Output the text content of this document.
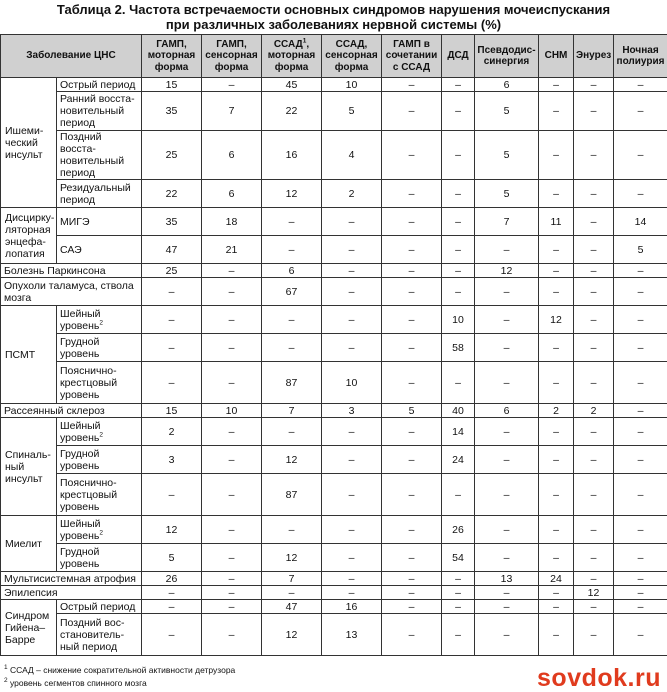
Таблица 2. Частота встречаемости основных синдромов нарушения мочеиспускания
при различных заболеваниях нервной системы (%)
Заболевание ЦНС		ГАМП, моторная форма	ГАМП, сенсорная форма	ССАД$^1$, моторная форма	ССАД, сенсорная форма	ГАМП в сочетании с ССАД	ДСД	Псевдодис-синергия	СНМ	Энурез	Ночная полиурия
Ишеми-ческий инсульт	Острый период	15	–	45	10	–	–	6	–	–	–
	Ранний восста-новительный период	35	7	22	5	–	–	5	–	–	–
	Поздний восста-новительный период	25	6	16	4	–	–	5	–	–	–
	Резидуальный период	22	6	12	2	–	–	5	–	–	–
Дисцирку-ляторная энцефа-лопатия	МИГЭ	35	18	–	–	–	–	7	11	–	14
	САЭ	47	21	–	–	–	–	–	–	–	5
Болезнь Паркинсона		25	–	6	–	–	–	12	–	–	–
Опухоли таламуса, ствола мозга		–	–	67	–	–	–	–	–	–	–
ПСМТ	Шейный уровень$^2$	–	–	–	–	–	10	–	12	–	–
	Грудной уровень	–	–	–	–	–	58	–	–	–	–
	Пояснично-крестцовый уровень	–	–	87	10	–	–	–	–	–	–
Рассеянный склероз		15	10	7	3	5	40	6	2	2	–
Спиналь-ный инсульт	Шейный уровень$^2$	2	–	–	–	–	14	–	–	–	–
	Грудной уровень	3	–	12	–	–	24	–	–	–	–
	Пояснично-крестцовый уровень	–	–	87	–	–	–	–	–	–	–
Миелит	Шейный уровень$^2$	12	–	–	–	–	26	–	–	–	–
	Грудной уровень	5	–	12	–	–	54	–	–	–	–
Мультисистемная атрофия		26	–	7	–	–	–	13	24	–	–
Эпилепсия		–	–	–	–	–	–	–	–	12	–
Синдром Гийена–Барре	Острый период	–	–	47	16	–	–	–	–	–	–
	Поздний вос-становитель-ный период	–	–	12	13	–	–	–	–	–	–
$^1$ ССАД – снижение сократительной активности детрузора
$^2$ уровень сегментов спинного мозга	sovdok.ru
